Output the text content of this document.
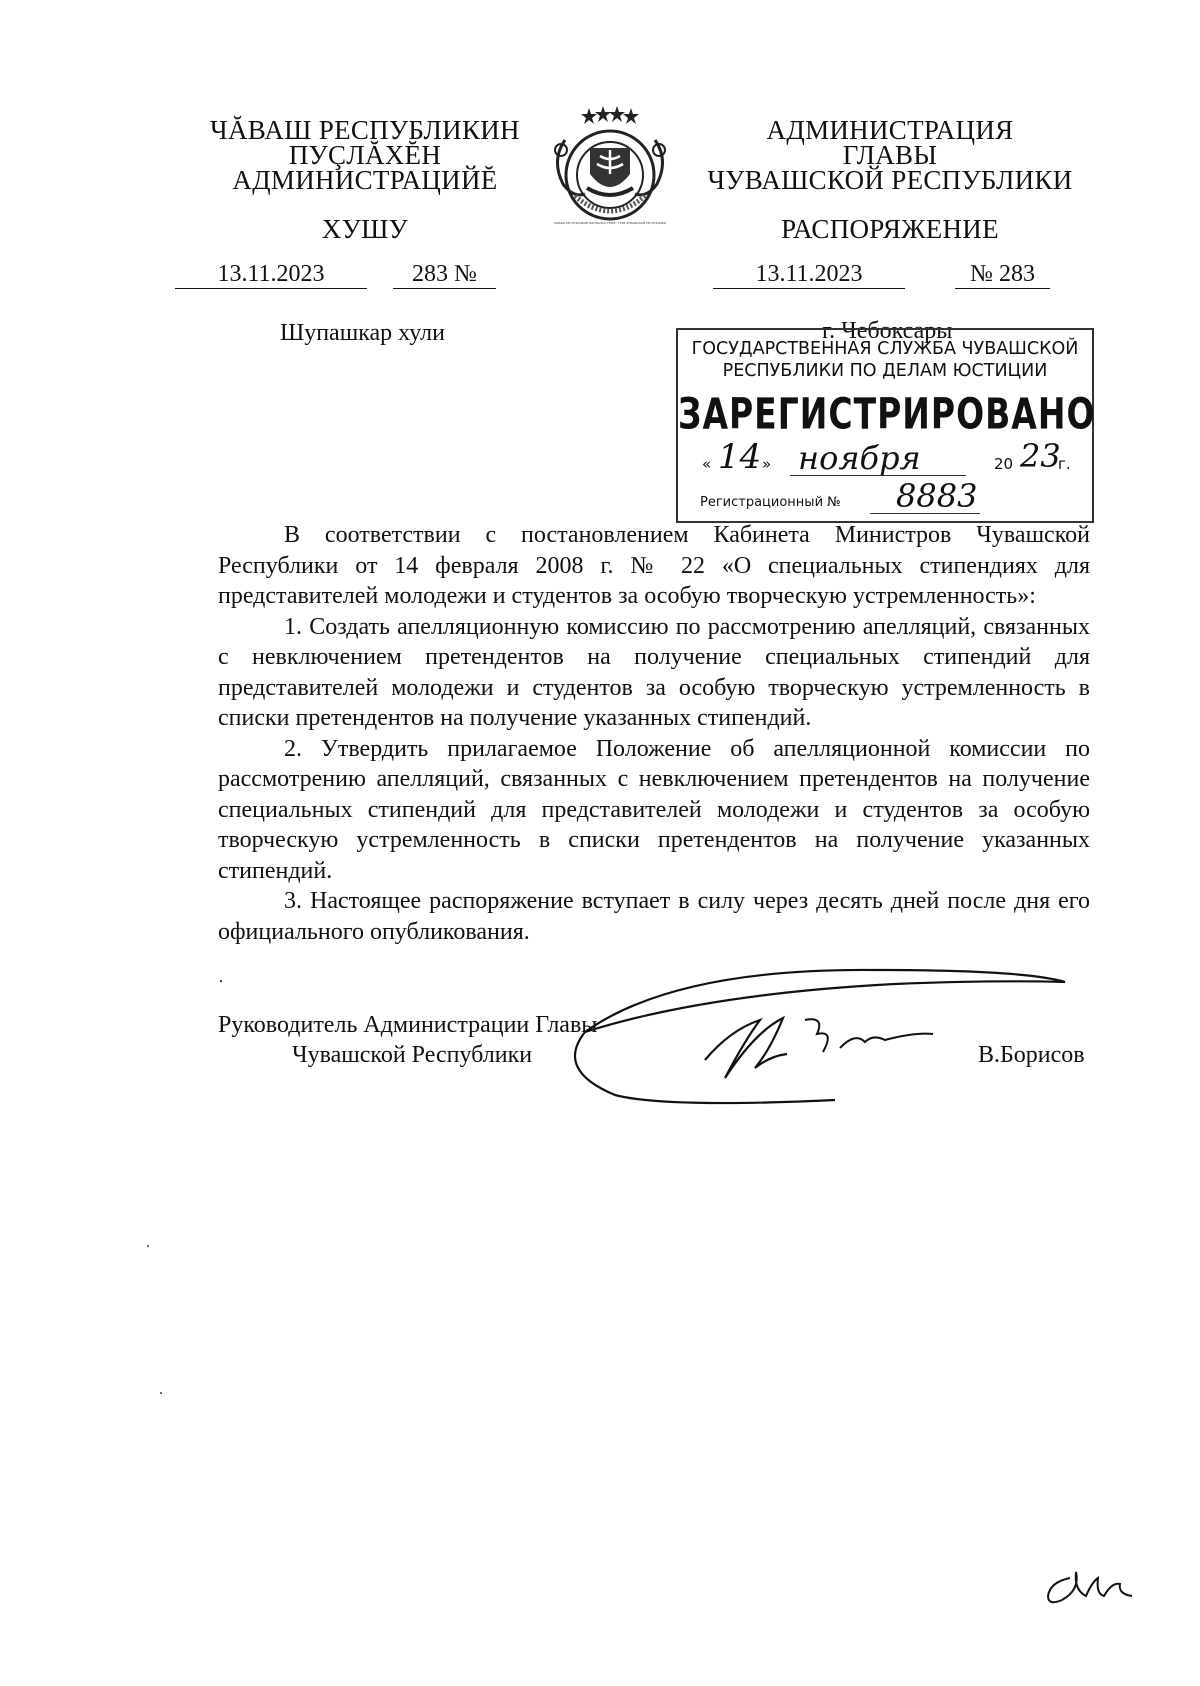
ЧĂВАШ РЕСПУБЛИКИН ПАТШАЛĂХ ГЕРБĔ • ГЕРБ ЧУВАШСКОЙ РЕСПУБЛИКИ
ЧĂВАШ РЕСПУБЛИКИН
ПУÇЛĂХĔН
АДМИНИСТРАЦИЙĔ
ХУШУ
13.11.2023	283 №
Шупашкар хули
АДМИНИСТРАЦИЯ
ГЛАВЫ
ЧУВАШСКОЙ РЕСПУБЛИКИ
РАСПОРЯЖЕНИЕ
13.11.2023	№ 283
г. Чебоксары
ГОСУДАРСТВЕННАЯ СЛУЖБА ЧУВАШСКОЙ
РЕСПУБЛИКИ ПО ДЕЛАМ ЮСТИЦИИ
ЗАРЕГИСТРИРОВАНО
« 14 » ноября	20 23
г.
Регистрационный № 8883

В соответствии с постановлением Кабинета Министров Чувашской Республики от 14 февраля 2008 г. № 22 «О специальных стипендиях для представителей молодежи и студентов за особую творческую устремленность»:

1. Создать апелляционную комиссию по рассмотрению апелляций, связанных с невключением претендентов на получение специальных стипендий для представителей молодежи и студентов за особую творческую устремленность в списки претендентов на получение указанных стипендий.

2. Утвердить прилагаемое Положение об апелляционной комиссии по рассмотрению апелляций, связанных с невключением претендентов на получение специальных стипендий для представителей молодежи и студентов за особую творческую устремленность в списки претендентов на получение указанных стипендий.

3. Настоящее распоряжение вступает в силу через десять дней после дня его официального опубликования.

Руководитель Администрации Главы
Чувашской Республики	В.Борисов
